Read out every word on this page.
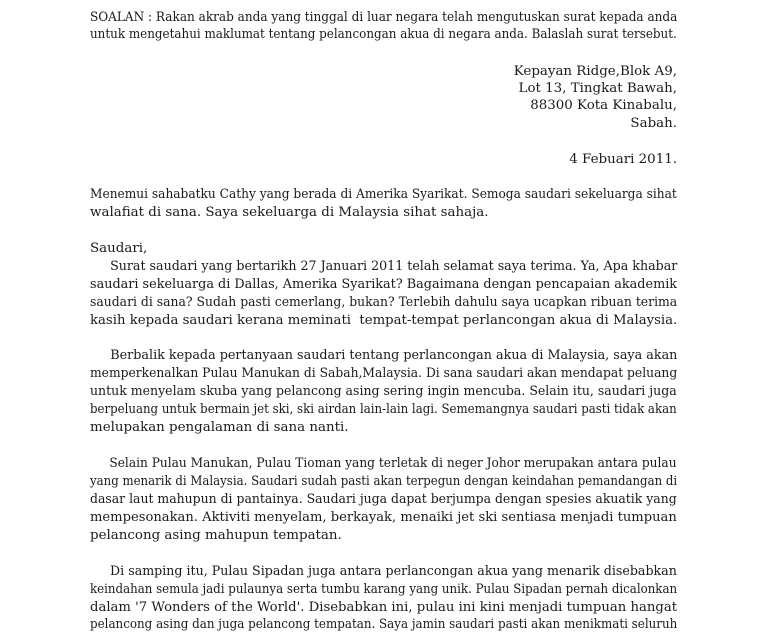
SOALAN : Rakan akrab anda yang tinggal di luar negara telah mengutuskan surat kepada anda
untuk mengetahui maklumat tentang pelancongan akua di negara anda. Balaslah surat tersebut.
Kepayan Ridge,Blok A9,
Lot 13, Tingkat Bawah,
88300 Kota Kinabalu,
Sabah.
4 Febuari 2011.
Menemui sahabatku Cathy yang berada di Amerika Syarikat. Semoga saudari sekeluarga sihat
walafiat di sana. Saya sekeluarga di Malaysia sihat sahaja.
Saudari,
Surat saudari yang bertarikh 27 Januari 2011 telah selamat saya terima. Ya, Apa khabar
saudari sekeluarga di Dallas, Amerika Syarikat? Bagaimana dengan pencapaian akademik
saudari di sana? Sudah pasti cemerlang, bukan? Terlebih dahulu saya ucapkan ribuan terima
kasih kepada saudari kerana meminati  tempat-tempat perlancongan akua di Malaysia.
Berbalik kepada pertanyaan saudari tentang perlancongan akua di Malaysia, saya akan
memperkenalkan Pulau Manukan di Sabah,Malaysia. Di sana saudari akan mendapat peluang
untuk menyelam skuba yang pelancong asing sering ingin mencuba. Selain itu, saudari juga
berpeluang untuk bermain jet ski, ski airdan lain-lain lagi. Sememangnya saudari pasti tidak akan
melupakan pengalaman di sana nanti.
Selain Pulau Manukan, Pulau Tioman yang terletak di neger Johor merupakan antara pulau
yang menarik di Malaysia. Saudari sudah pasti akan terpegun dengan keindahan pemandangan di
dasar laut mahupun di pantainya. Saudari juga dapat berjumpa dengan spesies akuatik yang
mempesonakan. Aktiviti menyelam, berkayak, menaiki jet ski sentiasa menjadi tumpuan
pelancong asing mahupun tempatan.
Di samping itu, Pulau Sipadan juga antara perlancongan akua yang menarik disebabkan
keindahan semula jadi pulaunya serta tumbu karang yang unik. Pulau Sipadan pernah dicalonkan
dalam '7 Wonders of the World'. Disebabkan ini, pulau ini kini menjadi tumpuan hangat
pelancong asing dan juga pelancong tempatan. Saya jamin saudari pasti akan menikmati seluruh
